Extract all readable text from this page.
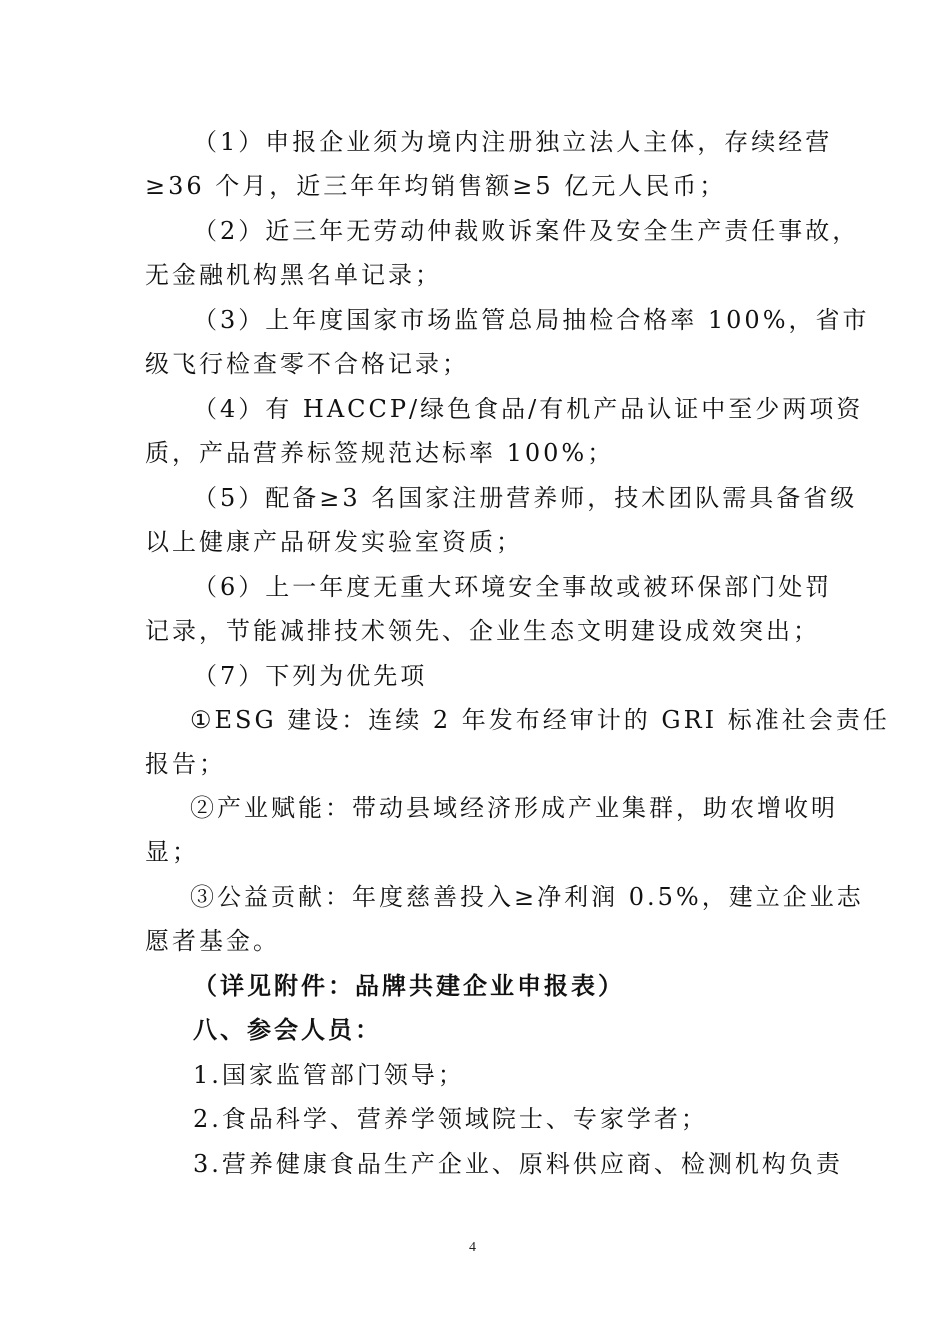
（1）申报企业须为境内注册独立法人主体，存续经营
≥36 个月，近三年年均销售额≥5 亿元人民币；
（2）近三年无劳动仲裁败诉案件及安全生产责任事故，
无金融机构黑名单记录；
（3）上年度国家市场监管总局抽检合格率 100%，省市
级飞行检查零不合格记录；
（4）有 HACCP/绿色食品/有机产品认证中至少两项资
质，产品营养标签规范达标率 100%；
（5）配备≥3 名国家注册营养师，技术团队需具备省级
以上健康产品研发实验室资质；
（6）上一年度无重大环境安全事故或被环保部门处罚
记录，节能减排技术领先、企业生态文明建设成效突出；
（7）下列为优先项
①ESG 建设：连续 2 年发布经审计的 GRI 标准社会责任
报告；
②产业赋能：带动县域经济形成产业集群，助农增收明
显；
③公益贡献：年度慈善投入≥净利润 0.5%，建立企业志
愿者基金。
（详见附件：品牌共建企业申报表）
八、参会人员：
1.国家监管部门领导；
2.食品科学、营养学领域院士、专家学者；
3.营养健康食品生产企业、原料供应商、检测机构负责
4
